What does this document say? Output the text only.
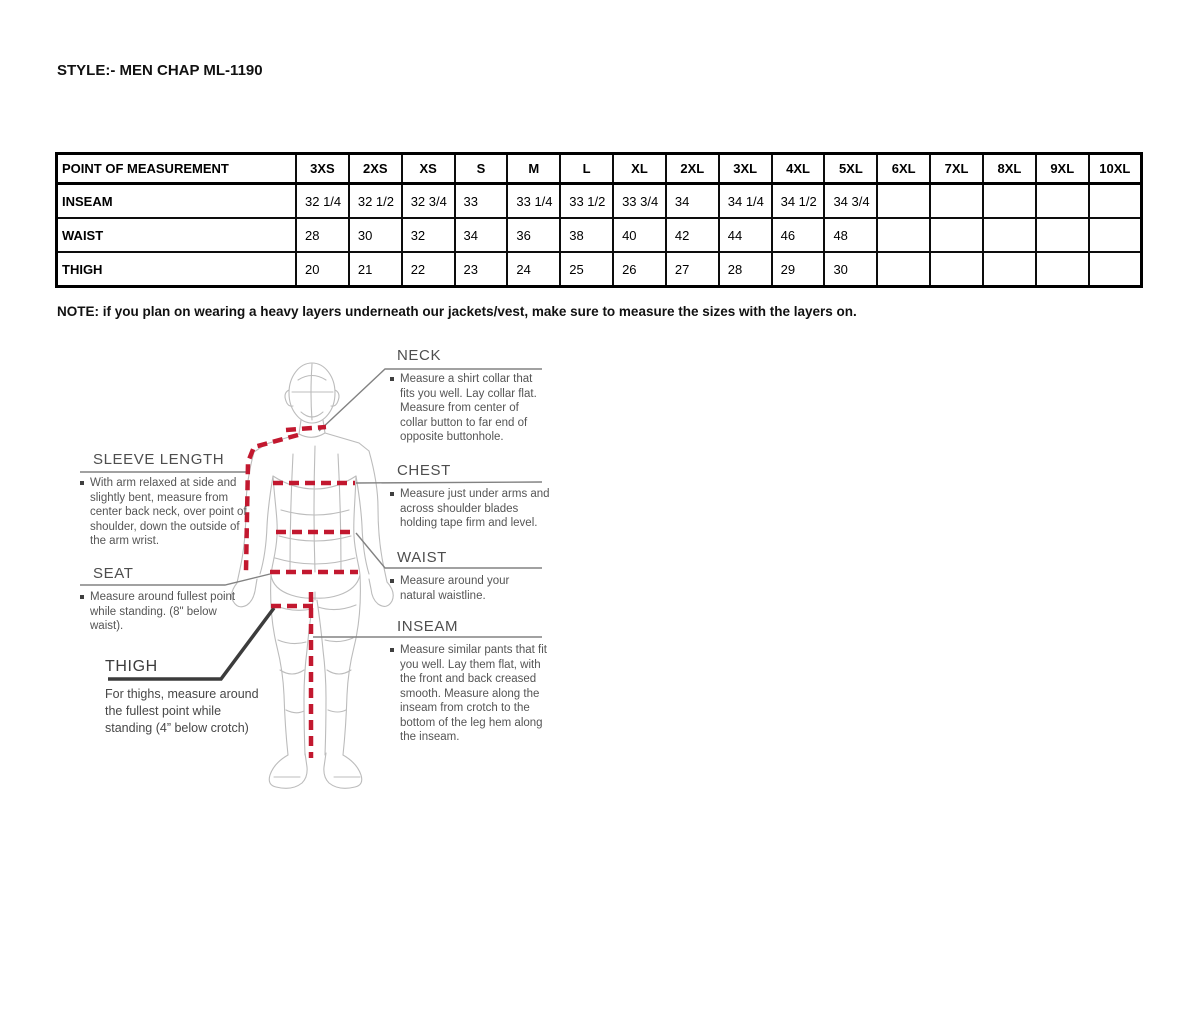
STYLE:- MEN CHAP ML-1190
POINT OF MEASUREMENT	3XS	2XS	XS	S	M	L	XL	2XL	3XL	4XL	5XL	6XL	7XL	8XL	9XL	10XL
INSEAM	32 1/4	32 1/2	32 3/4	33	33 1/4	33 1/2	33 3/4	34	34 1/4	34 1/2	34 3/4					
WAIST	28	30	32	34	36	38	40	42	44	46	48					
THIGH	20	21	22	23	24	25	26	27	28	29	30					
NOTE: if you plan on wearing a heavy layers underneath our jackets/vest, make sure to measure the sizes with the layers on.
NECK
Measure a shirt collar that fits you well. Lay collar flat. Measure from center of collar button to far end of opposite buttonhole.
SLEEVE LENGTH
With arm relaxed at side and slightly bent, measure from center back neck, over point of shoulder, down the outside of the arm wrist.
CHEST
Measure just under arms and across shoulder blades holding tape firm and level.
SEAT
Measure around fullest point while standing. (8" below waist).
WAIST
Measure around your natural waistline.
THIGH
For thighs, measure around the fullest point while standing (4” below crotch)
INSEAM
Measure similar pants that fit you well. Lay them flat, with the front and back creased smooth. Measure along the inseam from crotch to the bottom of the leg hem along the inseam.
